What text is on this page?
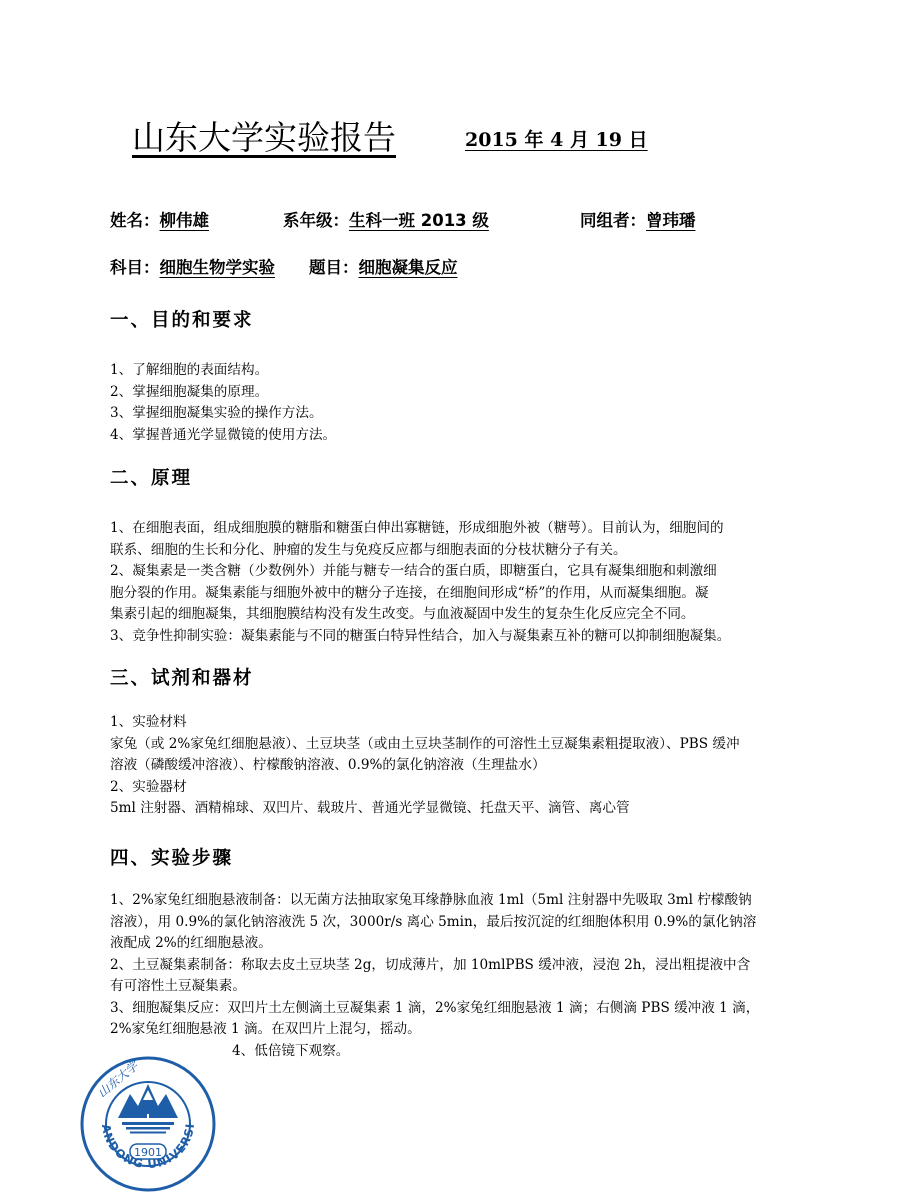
山东大学实验报告	2015 年 4 月 19 日
姓名：柳伟雄	系年级：生科一班 2013 级	同组者：曾玮璠
科目：细胞生物学实验 题目：细胞凝集反应
一、目的和要求
1、了解细胞的表面结构。
2、掌握细胞凝集的原理。
3、掌握细胞凝集实验的操作方法。
4、掌握普通光学显微镜的使用方法。
二、原理
1、在细胞表面，组成细胞膜的糖脂和糖蛋白伸出寡糖链，形成细胞外被（糖萼）。目前认为，细胞间的
联系、细胞的生长和分化、肿瘤的发生与免疫反应都与细胞表面的分枝状糖分子有关。
2、凝集素是一类含糖（少数例外）并能与糖专一结合的蛋白质，即糖蛋白，它具有凝集细胞和刺激细
胞分裂的作用。凝集素能与细胞外被中的糖分子连接，在细胞间形成“桥”的作用，从而凝集细胞。凝
集素引起的细胞凝集，其细胞膜结构没有发生改变。与血液凝固中发生的复杂生化反应完全不同。
3、竞争性抑制实验：凝集素能与不同的糖蛋白特异性结合，加入与凝集素互补的糖可以抑制细胞凝集。
三、试剂和器材
1、实验材料
家兔（或 2%家兔红细胞悬液）、土豆块茎（或由土豆块茎制作的可溶性土豆凝集素粗提取液）、PBS 缓冲
溶液（磷酸缓冲溶液）、柠檬酸钠溶液、0.9%的氯化钠溶液（生理盐水）
2、实验器材
5ml 注射器、酒精棉球、双凹片、载玻片、普通光学显微镜、托盘天平、滴管、离心管
四、实验步骤
1、2%家兔红细胞悬液制备：以无菌方法抽取家兔耳缘静脉血液 1ml（5ml 注射器中先吸取 3ml 柠檬酸钠
溶液），用 0.9%的氯化钠溶液洗 5 次，3000r/s 离心 5min，最后按沉淀的红细胞体积用 0.9%的氯化钠溶
液配成 2%的红细胞悬液。
2、土豆凝集素制备：称取去皮土豆块茎 2g，切成薄片，加 10mlPBS 缓冲液，浸泡 2h，浸出粗提液中含
有可溶性土豆凝集素。
3、细胞凝集反应：双凹片土左侧滴土豆凝集素 1 滴，2%家兔红细胞悬液 1 滴；右侧滴 PBS 缓冲液 1 滴，
2%家兔红细胞悬液 1 滴。在双凹片上混匀，摇动。
4、低倍镜下观察。
ANDONG UNIVERSI
山东大学
1901
